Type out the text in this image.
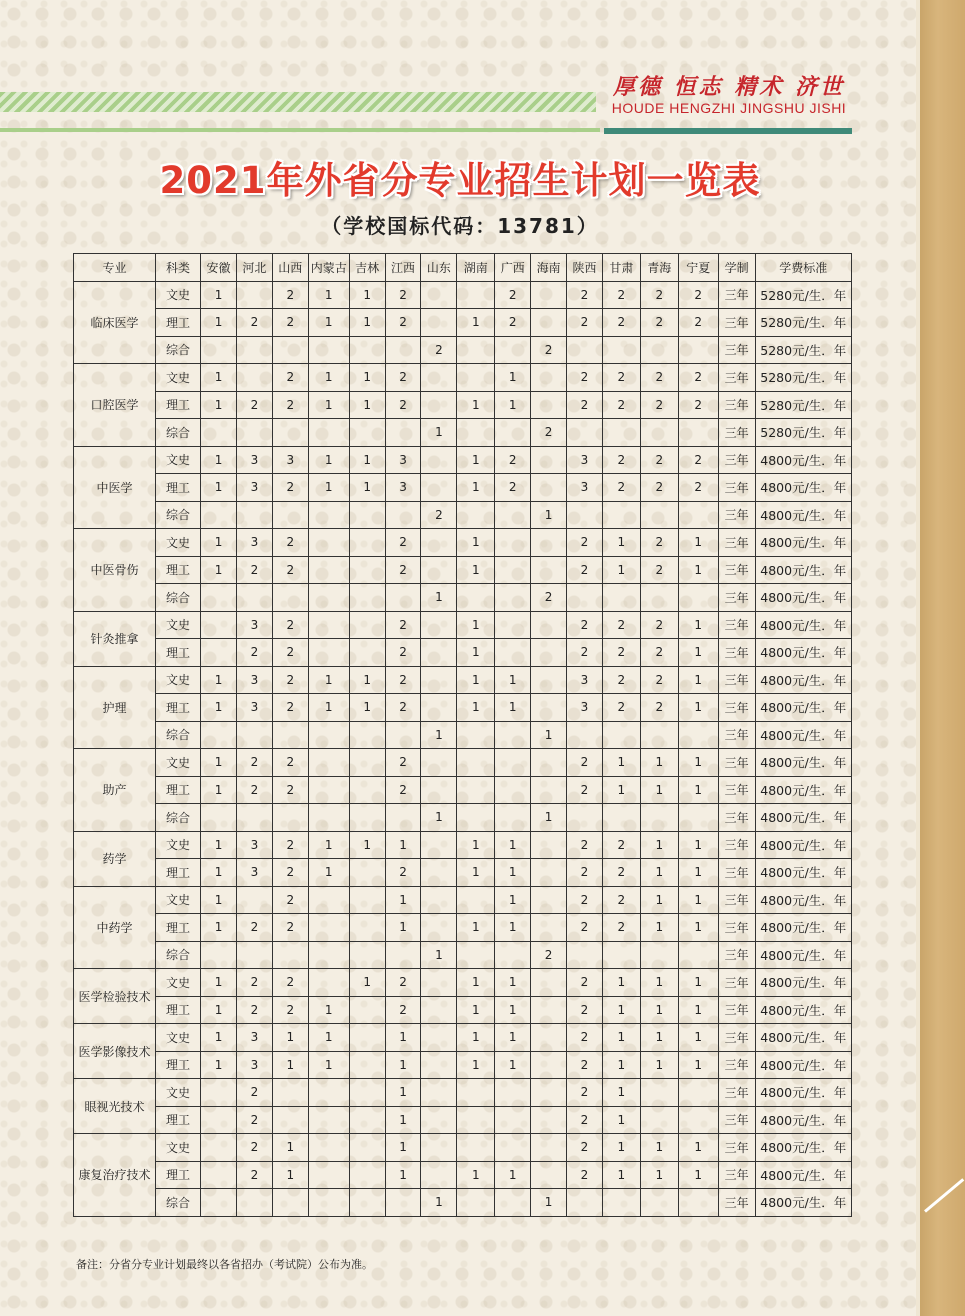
厚德 恒志 精术 济世
HOUDE HENGZHI JINGSHU JISHI
2021年外省分专业招生计划一览表
（学校国标代码：13781）
专业	科类	安徽	河北	山西	内蒙古	吉林	江西	山东	湖南	广西	海南	陕西	甘肃	青海	宁夏	学制	学费标准
临床医学	文史	1		2	1	1	2			2		2	2	2	2	三年	5280元/生．年
	理工	1	2	2	1	1	2		1	2		2	2	2	2	三年	5280元/生．年
	综合							2			2					三年	5280元/生．年
口腔医学	文史	1		2	1	1	2			1		2	2	2	2	三年	5280元/生．年
	理工	1	2	2	1	1	2		1	1		2	2	2	2	三年	5280元/生．年
	综合							1			2					三年	5280元/生．年
中医学	文史	1	3	3	1	1	3		1	2		3	2	2	2	三年	4800元/生．年
	理工	1	3	2	1	1	3		1	2		3	2	2	2	三年	4800元/生．年
	综合							2			1					三年	4800元/生．年
中医骨伤	文史	1	3	2			2		1			2	1	2	1	三年	4800元/生．年
	理工	1	2	2			2		1			2	1	2	1	三年	4800元/生．年
	综合							1			2					三年	4800元/生．年
针灸推拿	文史		3	2			2		1			2	2	2	1	三年	4800元/生．年
	理工		2	2			2		1			2	2	2	1	三年	4800元/生．年
护理	文史	1	3	2	1	1	2		1	1		3	2	2	1	三年	4800元/生．年
	理工	1	3	2	1	1	2		1	1		3	2	2	1	三年	4800元/生．年
	综合							1			1					三年	4800元/生．年
助产	文史	1	2	2			2					2	1	1	1	三年	4800元/生．年
	理工	1	2	2			2					2	1	1	1	三年	4800元/生．年
	综合							1			1					三年	4800元/生．年
药学	文史	1	3	2	1	1	1		1	1		2	2	1	1	三年	4800元/生．年
	理工	1	3	2	1		2		1	1		2	2	1	1	三年	4800元/生．年
中药学	文史	1		2			1			1		2	2	1	1	三年	4800元/生．年
	理工	1	2	2			1		1	1		2	2	1	1	三年	4800元/生．年
	综合							1			2					三年	4800元/生．年
医学检验技术	文史	1	2	2		1	2		1	1		2	1	1	1	三年	4800元/生．年
	理工	1	2	2	1		2		1	1		2	1	1	1	三年	4800元/生．年
医学影像技术	文史	1	3	1	1		1		1	1		2	1	1	1	三年	4800元/生．年
	理工	1	3	1	1		1		1	1		2	1	1	1	三年	4800元/生．年
眼视光技术	文史		2				1					2	1			三年	4800元/生．年
	理工		2				1					2	1			三年	4800元/生．年
康复治疗技术	文史		2	1			1					2	1	1	1	三年	4800元/生．年
	理工		2	1			1		1	1		2	1	1	1	三年	4800元/生．年
	综合							1			1					三年	4800元/生．年
备注：分省分专业计划最终以各省招办（考试院）公布为准。
